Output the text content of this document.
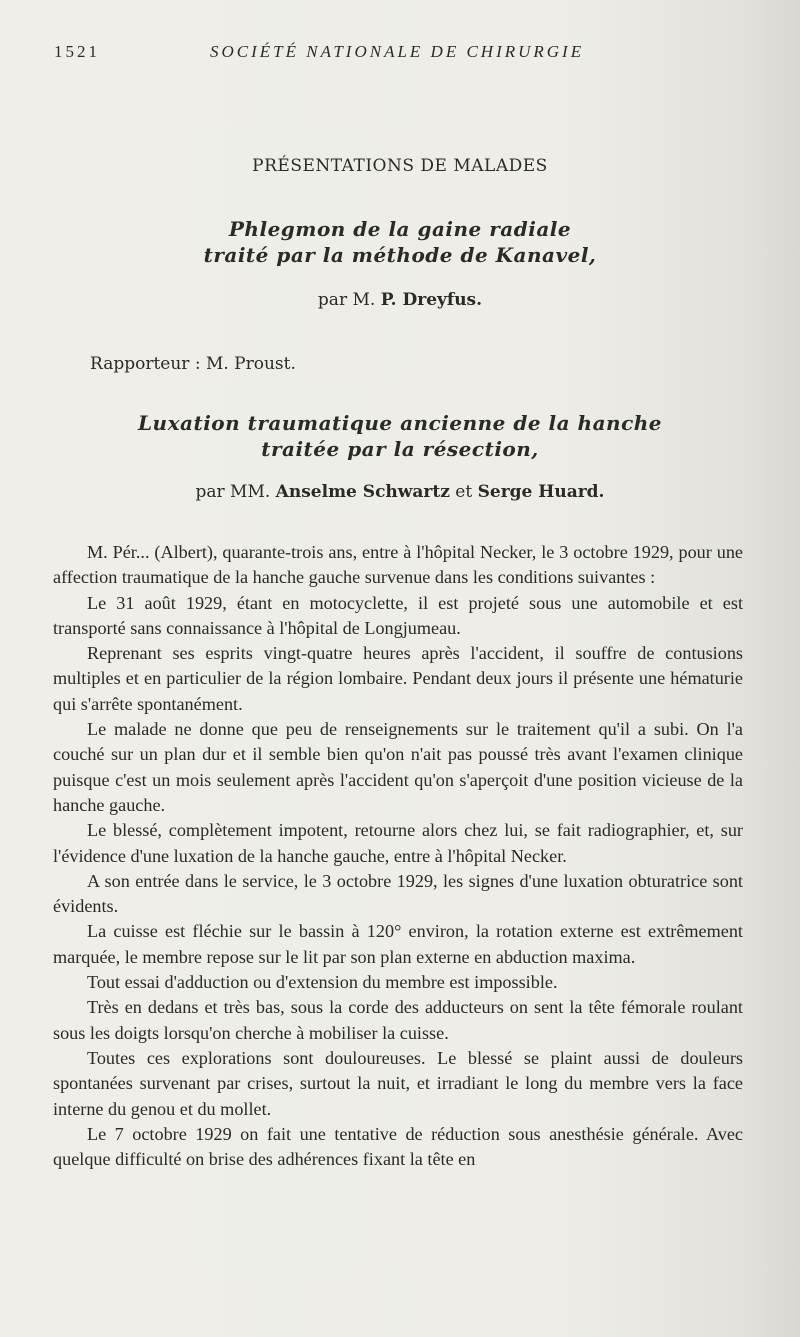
1521	SOCIÉTÉ NATIONALE DE CHIRURGIE
PRÉSENTATIONS DE MALADES
Phlegmon de la gaine radiale
traité par la méthode de Kanavel,
par M. P. Dreyfus.
Rapporteur : M. Proust.
Luxation traumatique ancienne de la hanche
traitée par la résection,
par MM. Anselme Schwartz et Serge Huard.

M. Pér... (Albert), quarante-trois ans, entre à l'hôpital Necker, le 3 octobre 1929, pour une affection traumatique de la hanche gauche survenue dans les conditions suivantes :

Le 31 août 1929, étant en motocyclette, il est projeté sous une automobile et est transporté sans connaissance à l'hôpital de Longjumeau.

Reprenant ses esprits vingt-quatre heures après l'accident, il souffre de contusions multiples et en particulier de la région lombaire. Pendant deux jours il présente une hématurie qui s'arrête spontanément.

Le malade ne donne que peu de renseignements sur le traitement qu'il a subi. On l'a couché sur un plan dur et il semble bien qu'on n'ait pas poussé très avant l'examen clinique puisque c'est un mois seulement après l'accident qu'on s'aperçoit d'une position vicieuse de la hanche gauche.

Le blessé, complètement impotent, retourne alors chez lui, se fait radiographier, et, sur l'évidence d'une luxation de la hanche gauche, entre à l'hôpital Necker.

A son entrée dans le service, le 3 octobre 1929, les signes d'une luxation obturatrice sont évidents.

La cuisse est fléchie sur le bassin à 120° environ, la rotation externe est extrêmement marquée, le membre repose sur le lit par son plan externe en abduction maxima.

Tout essai d'adduction ou d'extension du membre est impossible.

Très en dedans et très bas, sous la corde des adducteurs on sent la tête fémorale roulant sous les doigts lorsqu'on cherche à mobiliser la cuisse.

Toutes ces explorations sont douloureuses. Le blessé se plaint aussi de douleurs spontanées survenant par crises, surtout la nuit, et irradiant le long du membre vers la face interne du genou et du mollet.

Le 7 octobre 1929 on fait une tentative de réduction sous anesthésie générale. Avec quelque difficulté on brise des adhérences fixant la tête en
